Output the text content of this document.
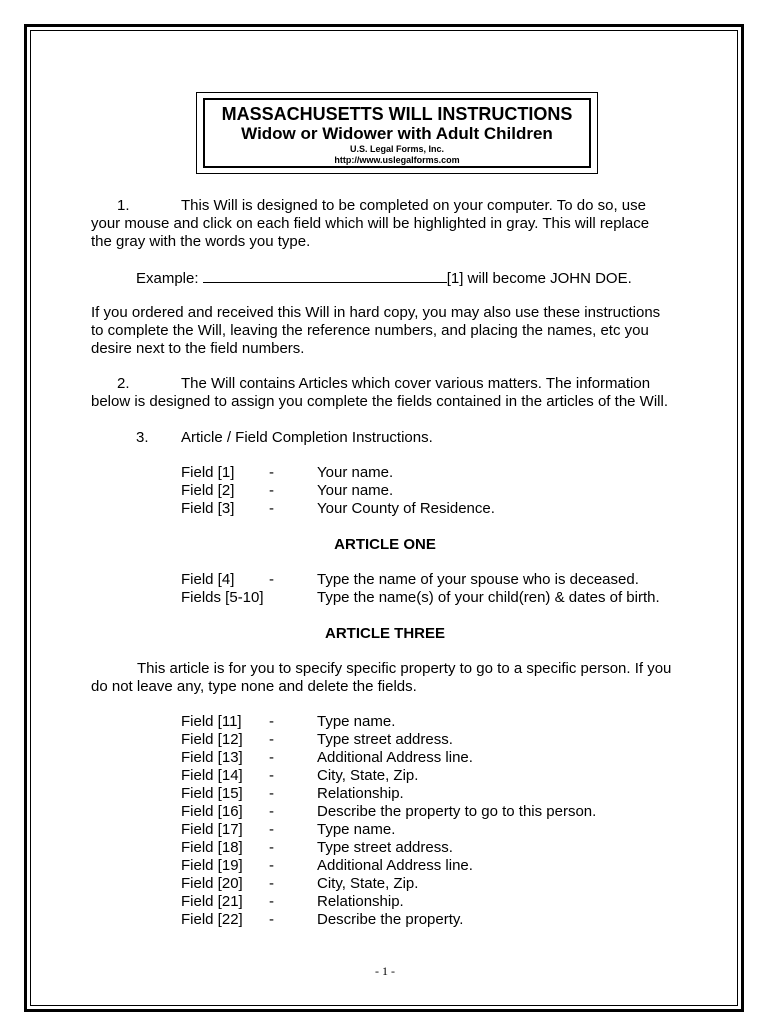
MASSACHUSETTS WILL INSTRUCTIONS
Widow or Widower with Adult Children
U.S. Legal Forms, Inc.
http://www.uslegalforms.com
1.	This Will is designed to be completed on your computer. To do so, use
your mouse and click on each field which will be highlighted in gray. This will replace
the gray with the words you type.
Example:	[1] will become JOHN DOE.
If you ordered and received this Will in hard copy, you may also use these instructions
to complete the Will, leaving the reference numbers, and placing the names, etc you
desire next to the field numbers.
2.	The Will contains Articles which cover various matters. The information
below is designed to assign you complete the fields contained in the articles of the Will.
3. Article / Field Completion Instructions.
Field [1] -	Your name.
Field [2] -	Your name.
Field [3] -	Your County of Residence.
ARTICLE ONE
Field [4] -	Type the name of your spouse who is deceased.
Fields [5-10]	Type the name(s) of your child(ren) & dates of birth.
ARTICLE THREE
This article is for you to specify specific property to go to a specific person. If you
do not leave any, type none and delete the fields.
Field [11] -	Type name.
Field [12] -	Type street address.
Field [13] -	Additional Address line.
Field [14] -	City, State, Zip.
Field [15] -	Relationship.
Field [16] -	Describe the property to go to this person.
Field [17] -	Type name.
Field [18] -	Type street address.
Field [19] -	Additional Address line.
Field [20] -	City, State, Zip.
Field [21] -	Relationship.
Field [22] -	Describe the property.
- 1 -
